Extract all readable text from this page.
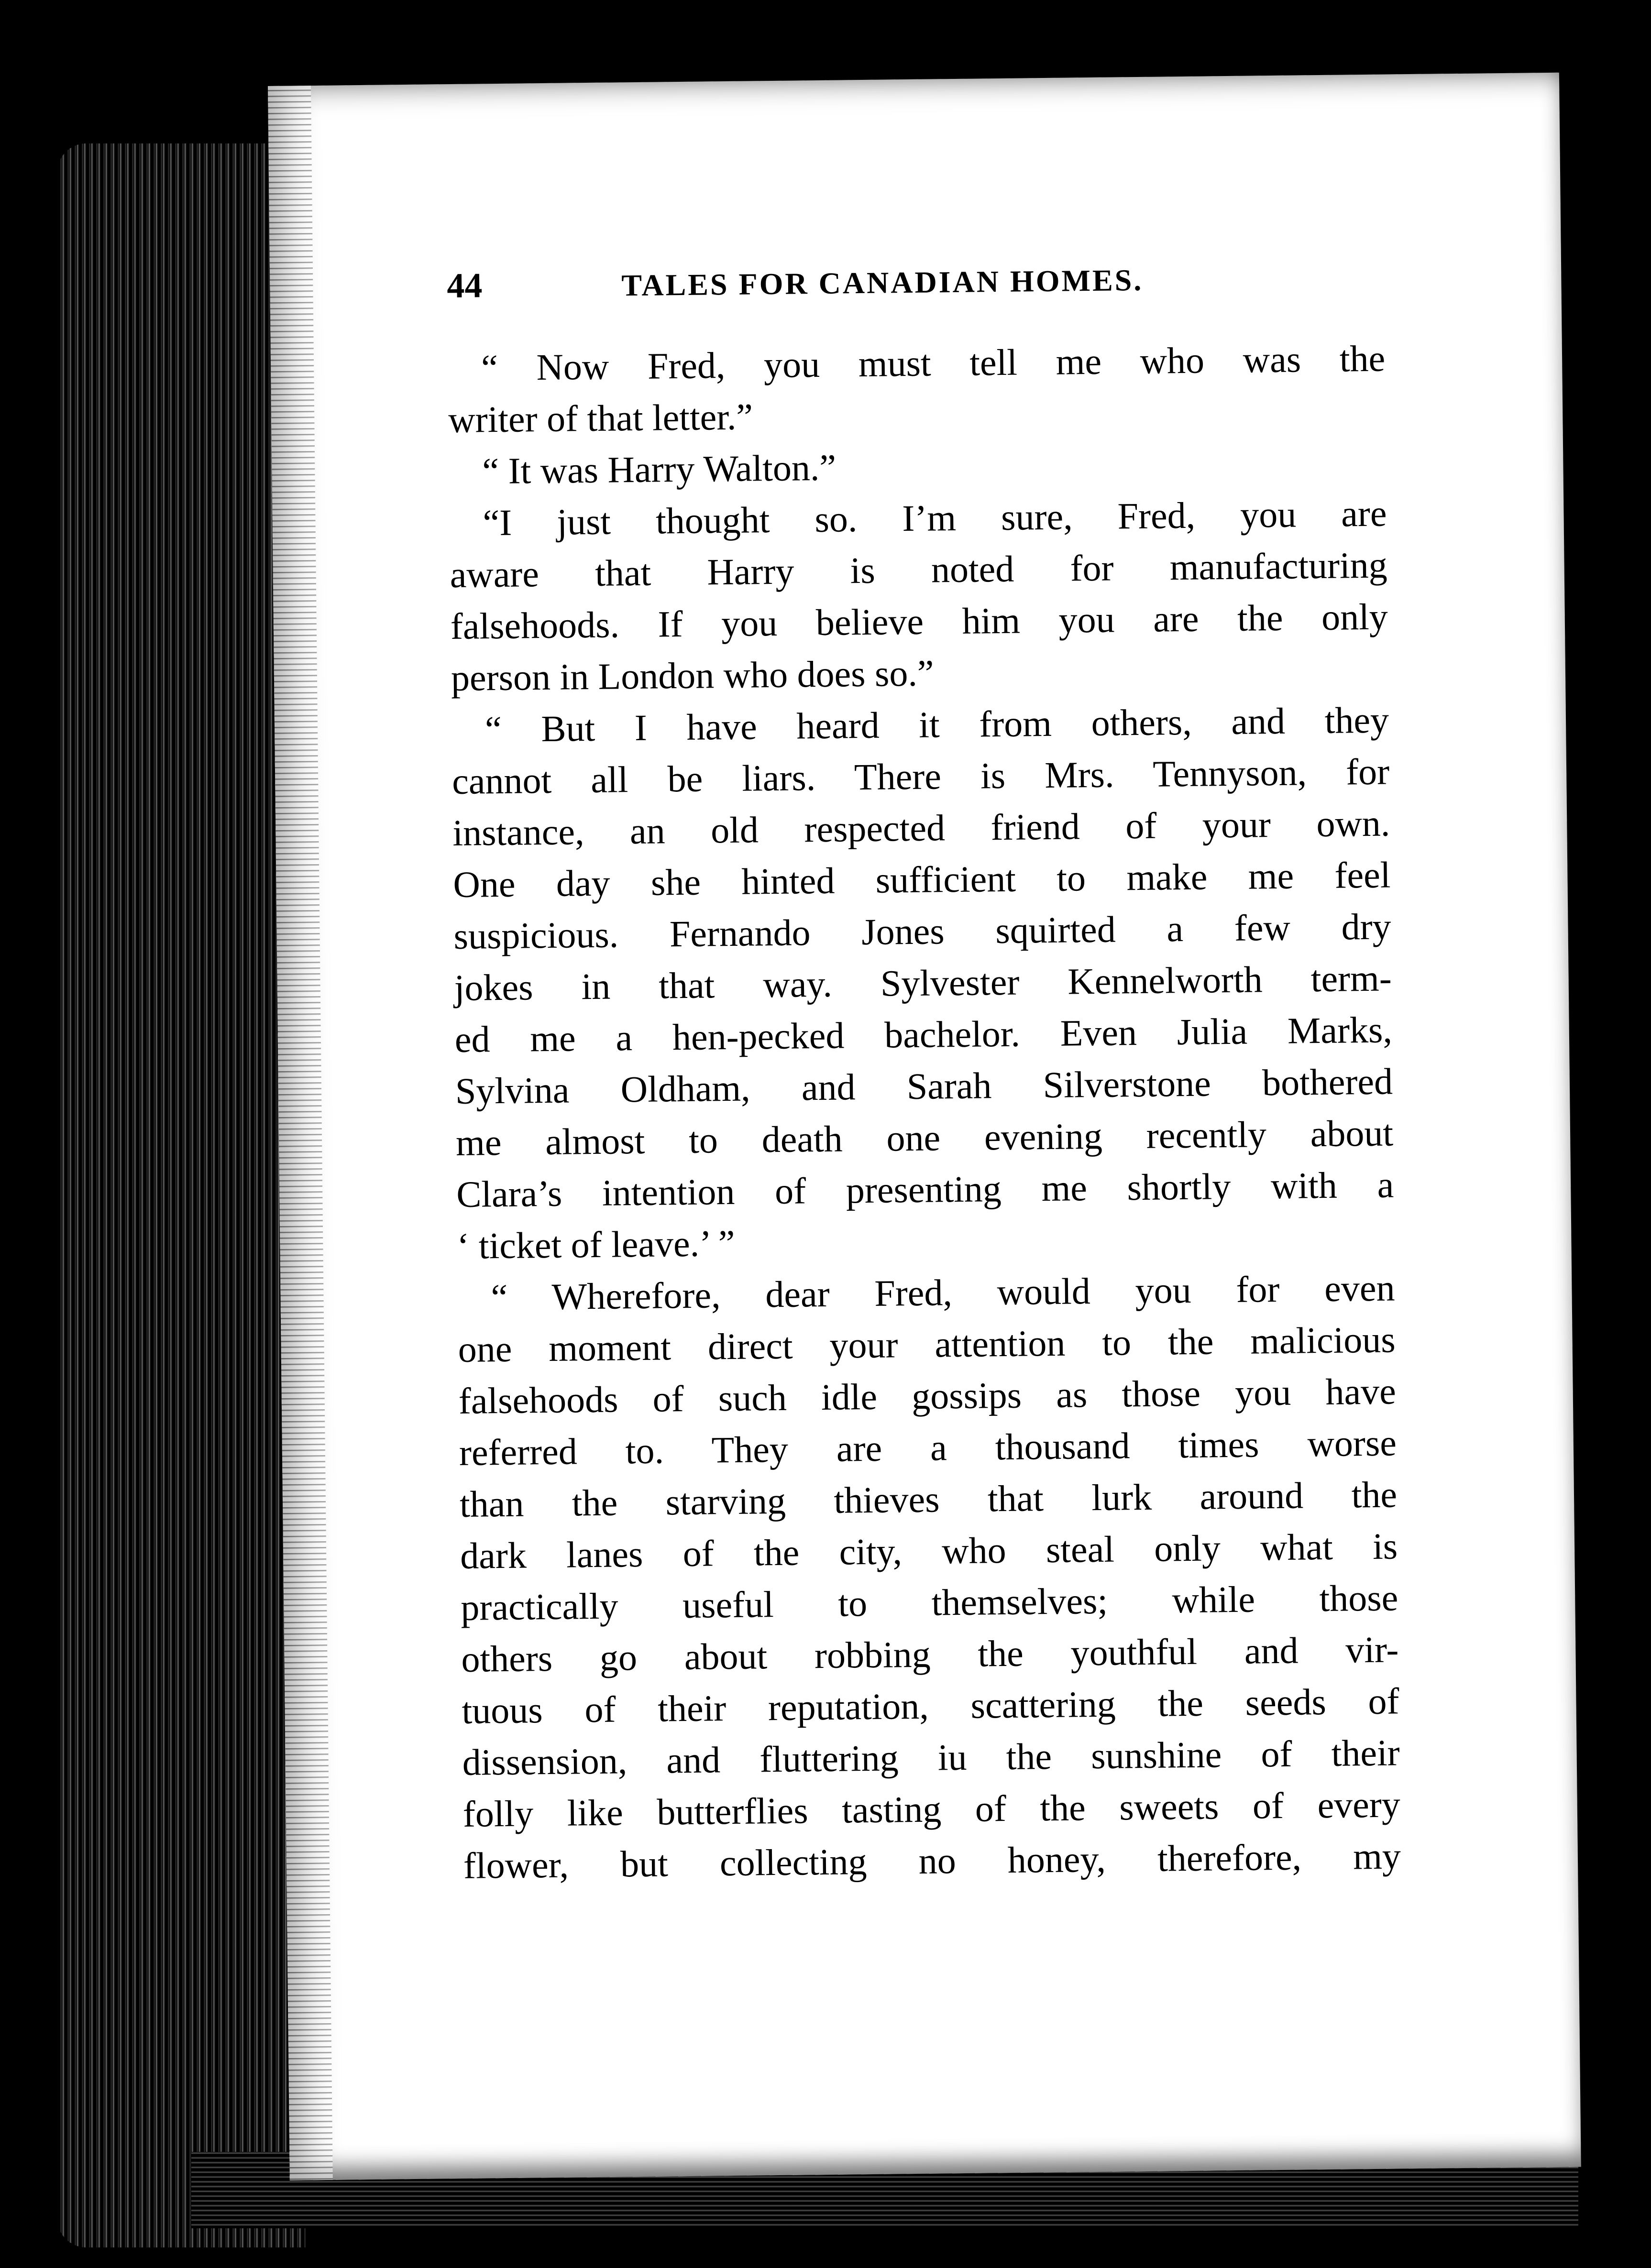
44	TALES FOR CANADIAN HOMES.
“ Now Fred, you must tell me who was the
writer of that letter.”
“ It was Harry Walton.”
“I just thought so. I’m sure, Fred, you are
aware that Harry is noted for manufacturing
falsehoods. If you believe him you are the only
person in London who does so.”
“ But I have heard it from others, and they
cannot all be liars. There is Mrs. Tennyson, for
instance, an old respected friend of your own.
One day she hinted sufficient to make me feel
suspicious. Fernando Jones squirted a few dry
jokes in that way. Sylvester Kennelworth term-
ed me a hen-pecked bachelor. Even Julia Marks,
Sylvina Oldham, and Sarah Silverstone bothered
me almost to death one evening recently about
Clara’s intention of presenting me shortly with a
‘ ticket of leave.’ ”
“ Wherefore, dear Fred, would you for even
one moment direct your attention to the malicious
falsehoods of such idle gossips as those you have
referred to. They are a thousand times worse
than the starving thieves that lurk around the
dark lanes of the city, who steal only what is
practically useful to themselves; while those
others go about robbing the youthful and vir-
tuous of their reputation, scattering the seeds of
dissension, and fluttering iu the sunshine of their
folly like butterflies tasting of the sweets of every
flower, but collecting no honey, therefore, my
